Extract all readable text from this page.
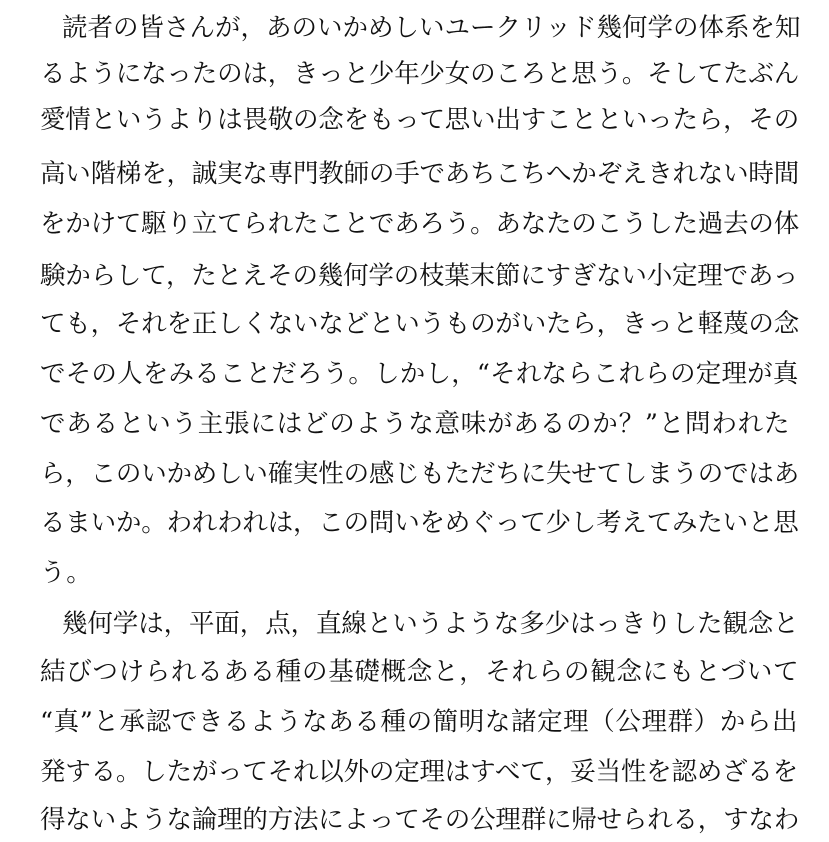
読者の皆さんが，あのいかめしいユークリッド幾何学の体系を知
るようになったのは，きっと少年少女のころと思う。そしてたぶん
愛情というよりは畏敬の念をもって思い出すことといったら，その
高い階梯を，誠実な専門教師の手であちこちへかぞえきれない時間
をかけて駆り立てられたことであろう。あなたのこうした過去の体
験からして，たとえその幾何学の枝葉末節にすぎない小定理であっ
ても，それを正しくないなどというものがいたら，きっと軽蔑の念
でその人をみることだろう。しかし，“それならこれらの定理が真
であるという主張にはどのような意味があるのか？”と問われた
ら，このいかめしい確実性の感じもただちに失せてしまうのではあ
るまいか。われわれは，この問いをめぐって少し考えてみたいと思
う。
幾何学は，平面，点，直線というような多少はっきりした観念と
結びつけられるある種の基礎概念と，それらの観念にもとづいて
“真”と承認できるようなある種の簡明な諸定理（公理群）から出
発する。したがってそれ以外の定理はすべて，妥当性を認めざるを
得ないような論理的方法によってその公理群に帰せられる，すなわ
